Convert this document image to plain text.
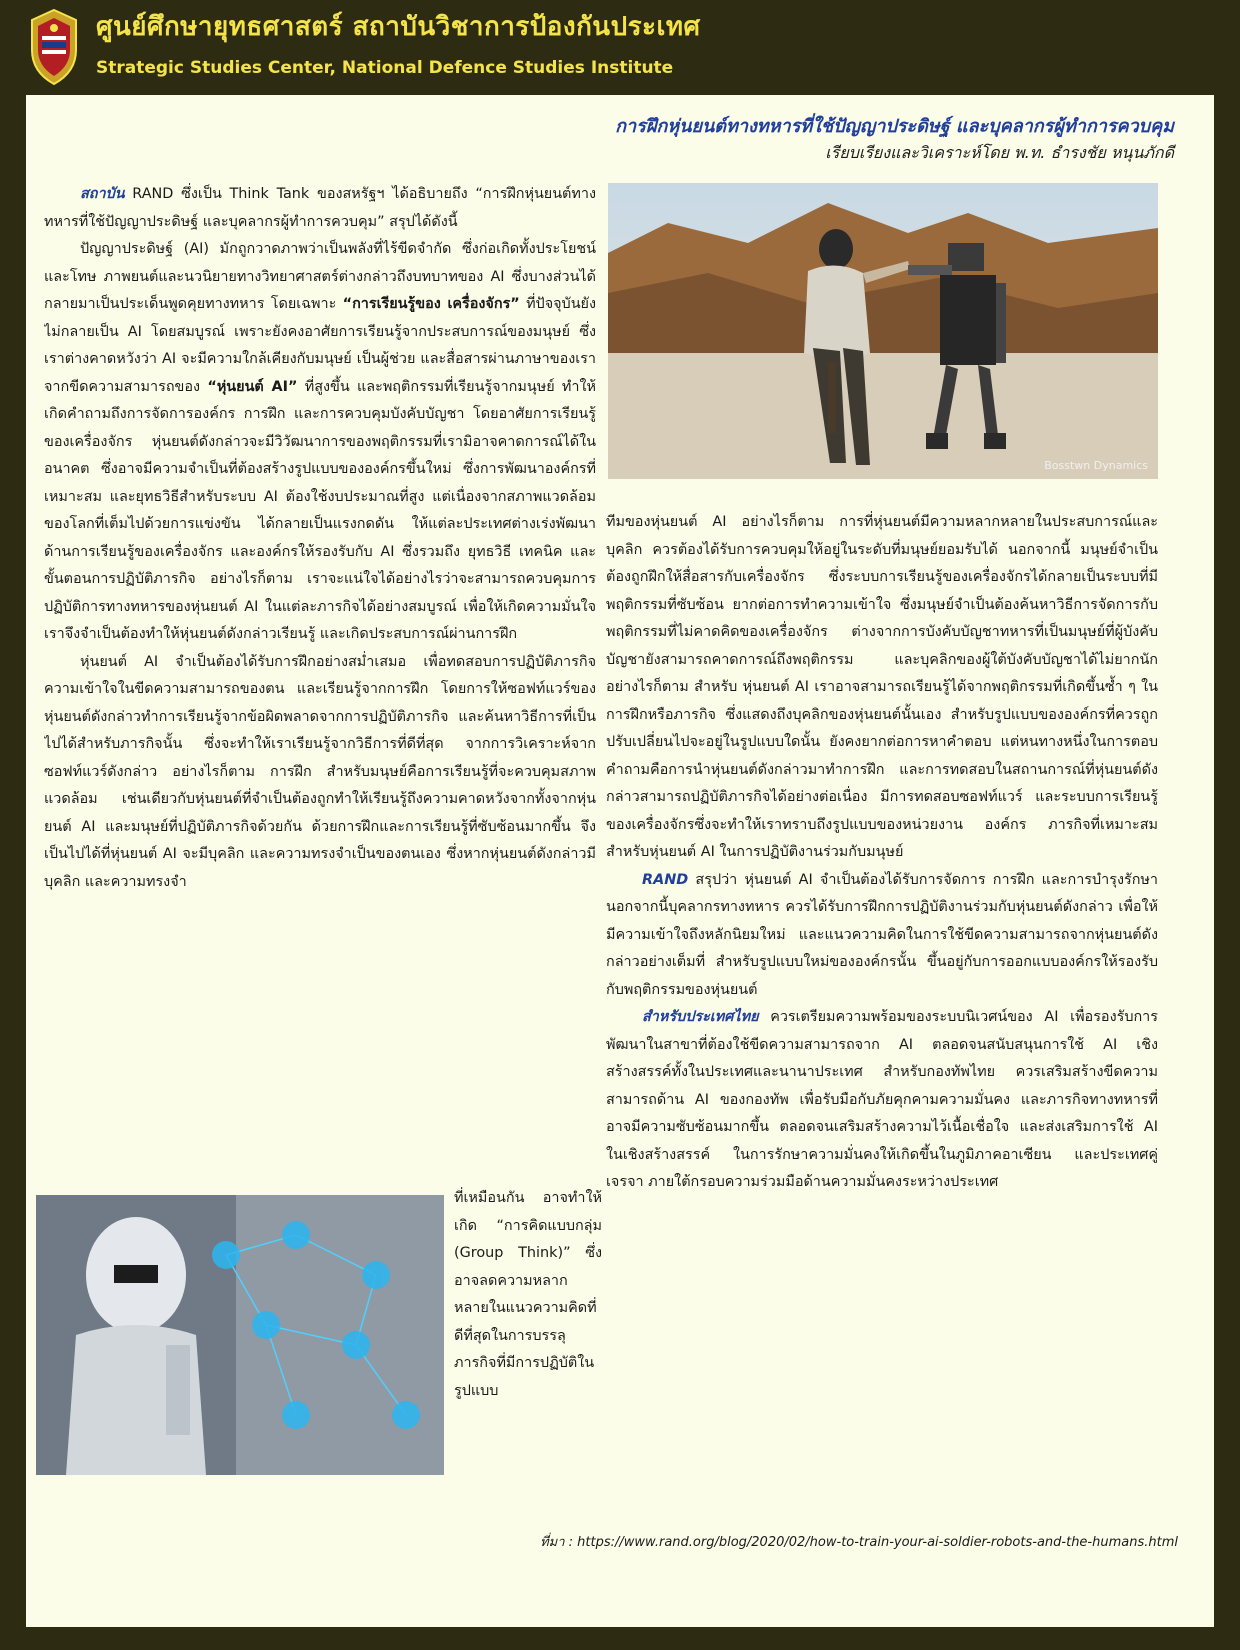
ศูนย์ศึกษายุทธศาสตร์ สถาบันวิชาการป้องกันประเทศ
Strategic Studies Center, National Defence Studies Institute
การฝึกหุ่นยนต์ทางทหารที่ใช้ปัญญาประดิษฐ์ และบุคลากรผู้ทำการควบคุม
เรียบเรียงและวิเคราะห์โดย พ.ท. ธำรงชัย หนุนภักดี
Bosstwn Dynamics

สถาบัน RAND ซึ่งเป็น Think Tank ของสหรัฐฯ ได้อธิบายถึง “การฝึกหุ่นยนต์ทางทหารที่ใช้ปัญญาประดิษฐ์ และบุคลากรผู้ทำการควบคุม” สรุปได้ดังนี้

ปัญญาประดิษฐ์ (AI) มักถูกวาดภาพว่าเป็นพลังที่ไร้ขีดจำกัด ซึ่งก่อเกิดทั้งประโยชน์และโทษ ภาพยนต์และนวนิยายทางวิทยาศาสตร์ต่างกล่าวถึงบทบาทของ AI ซึ่งบางส่วนได้กลายมาเป็นประเด็นพูดคุยทางทหาร โดยเฉพาะ “การเรียนรู้ของ เครื่องจักร” ที่ปัจจุบันยังไม่กลายเป็น AI โดยสมบูรณ์ เพราะยังคงอาศัยการเรียนรู้จากประสบการณ์ของมนุษย์ ซึ่งเราต่างคาดหวังว่า AI จะมีความใกล้เคียงกับมนุษย์ เป็นผู้ช่วย และสื่อสารผ่านภาษาของเรา จากขีดความสามารถของ “หุ่นยนต์ AI” ที่สูงขึ้น และพฤติกรรมที่เรียนรู้จากมนุษย์ ทำให้เกิดคำถามถึงการจัดการองค์กร การฝึก และการควบคุมบังคับบัญชา โดยอาศัยการเรียนรู้ของเครื่องจักร หุ่นยนต์ดังกล่าวจะมีวิวัฒนาการของพฤติกรรมที่เรามิอาจคาดการณ์ได้ในอนาคต ซึ่งอาจมีความจำเป็นที่ต้องสร้างรูปแบบขององค์กรขึ้นใหม่ ซึ่งการพัฒนาองค์กรที่เหมาะสม และยุทธวิธีสำหรับระบบ AI ต้องใช้งบประมาณที่สูง แต่เนื่องจากสภาพแวดล้อมของโลกที่เต็มไปด้วยการแข่งขัน ได้กลายเป็นแรงกดดัน ให้แต่ละประเทศต่างเร่งพัฒนาด้านการเรียนรู้ของเครื่องจักร และองค์กรให้รองรับกับ AI ซึ่งรวมถึง ยุทธวิธี เทคนิค และขั้นตอนการปฏิบัติภารกิจ อย่างไรก็ตาม เราจะแน่ใจได้อย่างไรว่าจะสามารถควบคุมการปฏิบัติการทางทหารของหุ่นยนต์ AI ในแต่ละภารกิจได้อย่างสมบูรณ์ เพื่อให้เกิดความมั่นใจ เราจึงจำเป็นต้องทำให้หุ่นยนต์ดังกล่าวเรียนรู้ และเกิดประสบการณ์ผ่านการฝึก

หุ่นยนต์ AI จำเป็นต้องได้รับการฝึกอย่างสม่ำเสมอ เพื่อทดสอบการปฏิบัติภารกิจ ความเข้าใจในขีดความสามารถของตน และเรียนรู้จากการฝึก โดยการให้ซอฟท์แวร์ของหุ่นยนต์ดังกล่าวทำการเรียนรู้จากข้อผิดพลาดจากการปฏิบัติภารกิจ และค้นหาวิธีการที่เป็นไปได้สำหรับภารกิจนั้น ซึ่งจะทำให้เราเรียนรู้จากวิธีการที่ดีที่สุด จากการวิเคราะห์จากซอฟท์แวร์ดังกล่าว อย่างไรก็ตาม การฝึก สำหรับมนุษย์คือการเรียนรู้ที่จะควบคุมสภาพแวดล้อม เช่นเดียวกับหุ่นยนต์ที่จำเป็นต้องถูกทำให้เรียนรู้ถึงความคาดหวังจากทั้งจากหุ่นยนต์ AI และมนุษย์ที่ปฏิบัติภารกิจด้วยกัน ด้วยการฝึกและการเรียนรู้ที่ซับซ้อนมากขึ้น จึงเป็นไปได้ที่หุ่นยนต์ AI จะมีบุคลิก และความทรงจำเป็นของตนเอง ซึ่งหากหุ่นยนต์ดังกล่าวมีบุคลิก และความทรงจำ

ที่เหมือนกัน อาจทำให้เกิด “การคิดแบบกลุ่ม (Group Think)” ซึ่งอาจลดความหลากหลายในแนวความคิดที่ดีที่สุดในการบรรลุภารกิจที่มีการปฏิบัติในรูปแบบ

ทีมของหุ่นยนต์ AI อย่างไรก็ตาม การที่หุ่นยนต์มีความหลากหลายในประสบการณ์และบุคลิก ควรต้องได้รับการควบคุมให้อยู่ในระดับที่มนุษย์ยอมรับได้ นอกจากนี้ มนุษย์จำเป็นต้องถูกฝึกให้สื่อสารกับเครื่องจักร ซึ่งระบบการเรียนรู้ของเครื่องจักรได้กลายเป็นระบบที่มีพฤติกรรมที่ซับซ้อน ยากต่อการทำความเข้าใจ ซึ่งมนุษย์จำเป็นต้องค้นหาวิธีการจัดการกับพฤติกรรมที่ไม่คาดคิดของเครื่องจักร ต่างจากการบังคับบัญชาทหารที่เป็นมนุษย์ที่ผู้บังคับบัญชายังสามารถคาดการณ์ถึงพฤติกรรม และบุคลิกของผู้ใต้บังคับบัญชาได้ไม่ยากนัก อย่างไรก็ตาม สำหรับ หุ่นยนต์ AI เราอาจสามารถเรียนรู้ได้จากพฤติกรรมที่เกิดขึ้นซ้ำ ๆ ในการฝึกหรือภารกิจ ซึ่งแสดงถึงบุคลิกของหุ่นยนต์นั้นเอง สำหรับรูปแบบขององค์กรที่ควรถูกปรับเปลี่ยนไปจะอยู่ในรูปแบบใดนั้น ยังคงยากต่อการหาคำตอบ แต่หนทางหนึ่งในการตอบคำถามคือการนำหุ่นยนต์ดังกล่าวมาทำการฝึก และการทดสอบในสถานการณ์ที่หุ่นยนต์ดังกล่าวสามารถปฏิบัติภารกิจได้อย่างต่อเนื่อง มีการทดสอบซอฟท์แวร์ และระบบการเรียนรู้ของเครื่องจักรซึ่งจะทำให้เราทราบถึงรูปแบบของหน่วยงาน องค์กร ภารกิจที่เหมาะสมสำหรับหุ่นยนต์ AI ในการปฏิบัติงานร่วมกับมนุษย์

RAND สรุปว่า หุ่นยนต์ AI จำเป็นต้องได้รับการจัดการ การฝึก และการบำรุงรักษา นอกจากนี้บุคลากรทางทหาร ควรได้รับการฝึกการปฏิบัติงานร่วมกับหุ่นยนต์ดังกล่าว เพื่อให้มีความเข้าใจถึงหลักนิยมใหม่ และแนวความคิดในการใช้ขีดความสามารถจากหุ่นยนต์ดังกล่าวอย่างเต็มที่ สำหรับรูปแบบใหม่ขององค์กรนั้น ขึ้นอยู่กับการออกแบบองค์กรให้รองรับกับพฤติกรรมของหุ่นยนต์

สำหรับประเทศไทย ควรเตรียมความพร้อมของระบบนิเวศน์ของ AI เพื่อรองรับการพัฒนาในสาขาที่ต้องใช้ขีดความสามารถจาก AI ตลอดจนสนับสนุนการใช้ AI เชิงสร้างสรรค์ทั้งในประเทศและนานาประเทศ สำหรับกองทัพไทย ควรเสริมสร้างขีดความสามารถด้าน AI ของกองทัพ เพื่อรับมือกับภัยคุกคามความมั่นคง และภารกิจทางทหารที่อาจมีความซับซ้อนมากขึ้น ตลอดจนเสริมสร้างความไว้เนื้อเชื่อใจ และส่งเสริมการใช้ AI ในเชิงสร้างสรรค์ ในการรักษาความมั่นคงให้เกิดขึ้นในภูมิภาคอาเซียน และประเทศคู่เจรจา ภายใต้กรอบความร่วมมือด้านความมั่นคงระหว่างประเทศ

ที่มา : https://www.rand.org/blog/2020/02/how-to-train-your-ai-soldier-robots-and-the-humans.html
